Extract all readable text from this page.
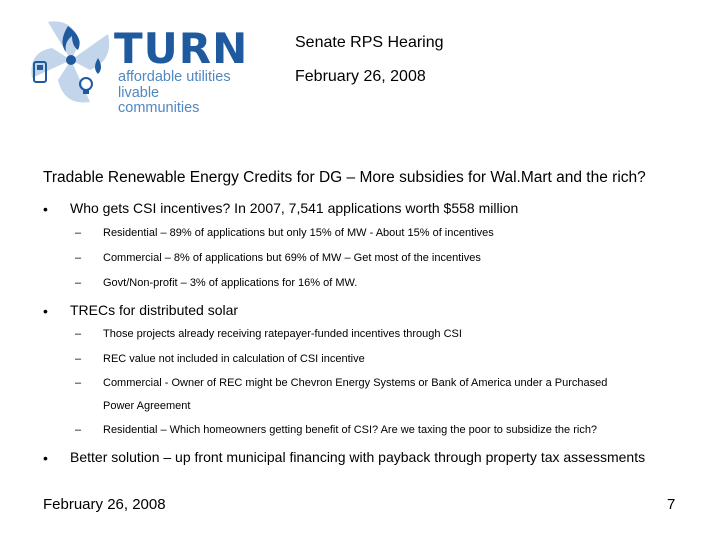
TURN
affordable utilities
livable communities
Senate RPS Hearing
February 26, 2008
Tradable Renewable Energy Credits for DG – More subsidies for Wal.Mart and the rich?
• Who gets CSI incentives? In 2007, 7,541 applications worth $558 million
– Residential – 89% of applications but only 15% of MW - About 15% of incentives
– Commercial – 8% of applications but 69% of MW – Get most of the incentives
– Govt/Non-profit – 3% of applications for 16% of MW.
• TRECs for distributed solar
– Those projects already receiving ratepayer-funded incentives through CSI
– REC value not included in calculation of CSI incentive
– Commercial - Owner of REC might be Chevron Energy Systems or Bank of America under a Purchased
Power Agreement
– Residential – Which homeowners getting benefit of CSI? Are we taxing the poor to subsidize the rich?
• Better solution – up front municipal financing with payback through property tax assessments
February 26, 2008	7
